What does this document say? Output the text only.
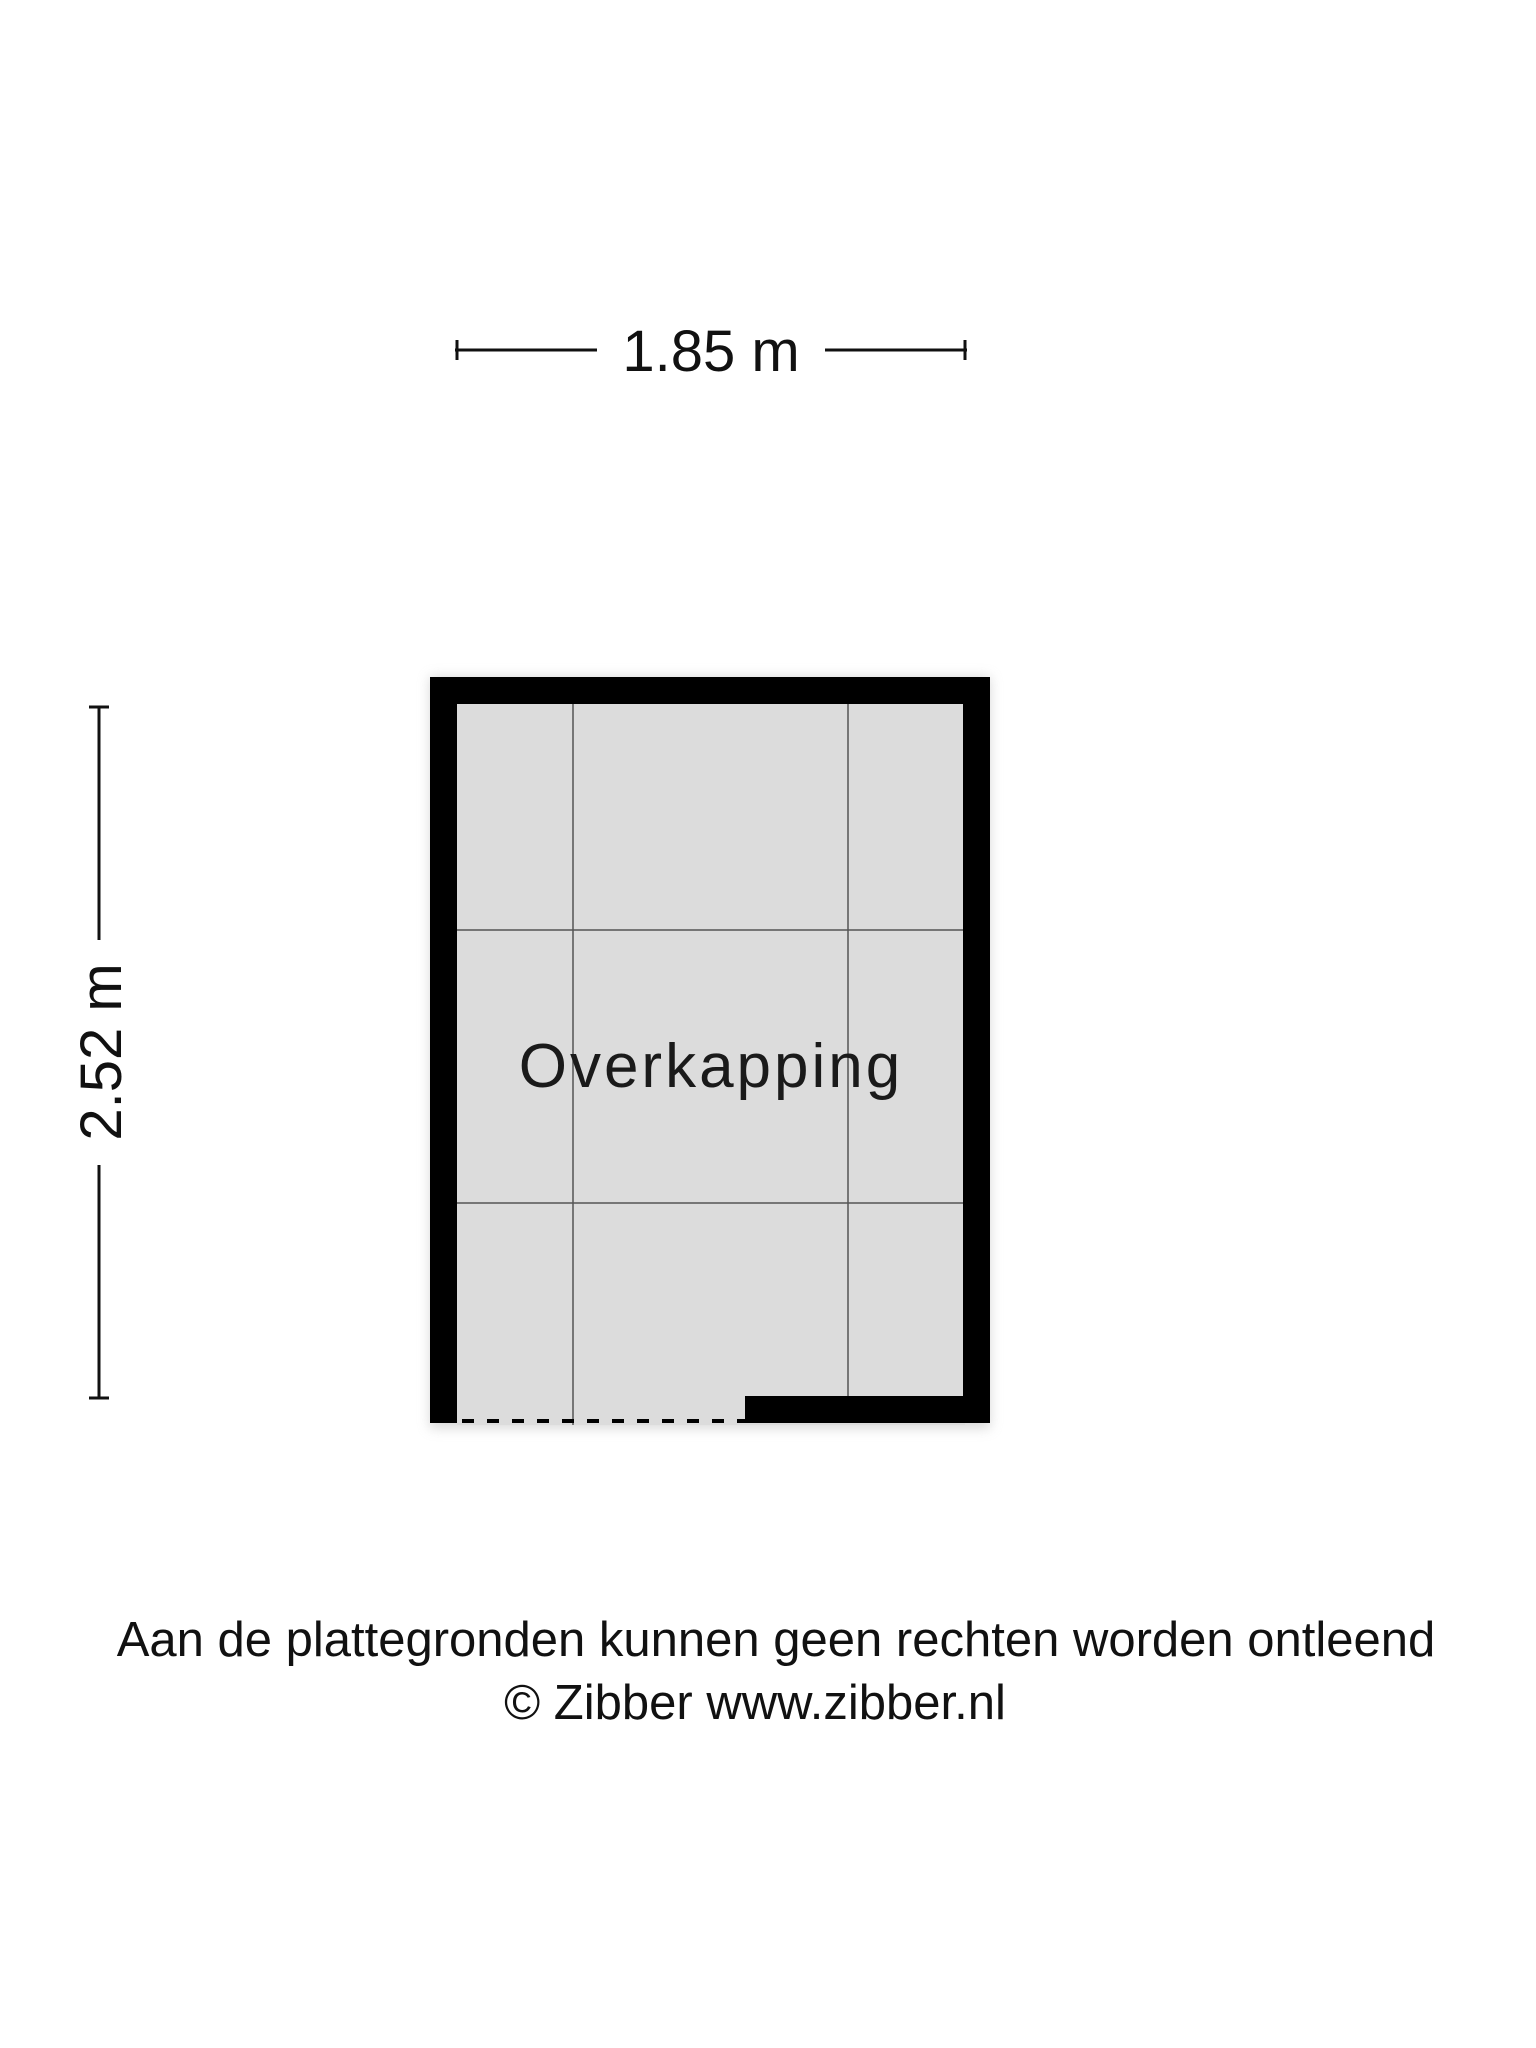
1.85 m
2.52 m	Overkapping
Aan de plattegronden kunnen geen rechten worden ontleend
© Zibber www.zibber.nl
